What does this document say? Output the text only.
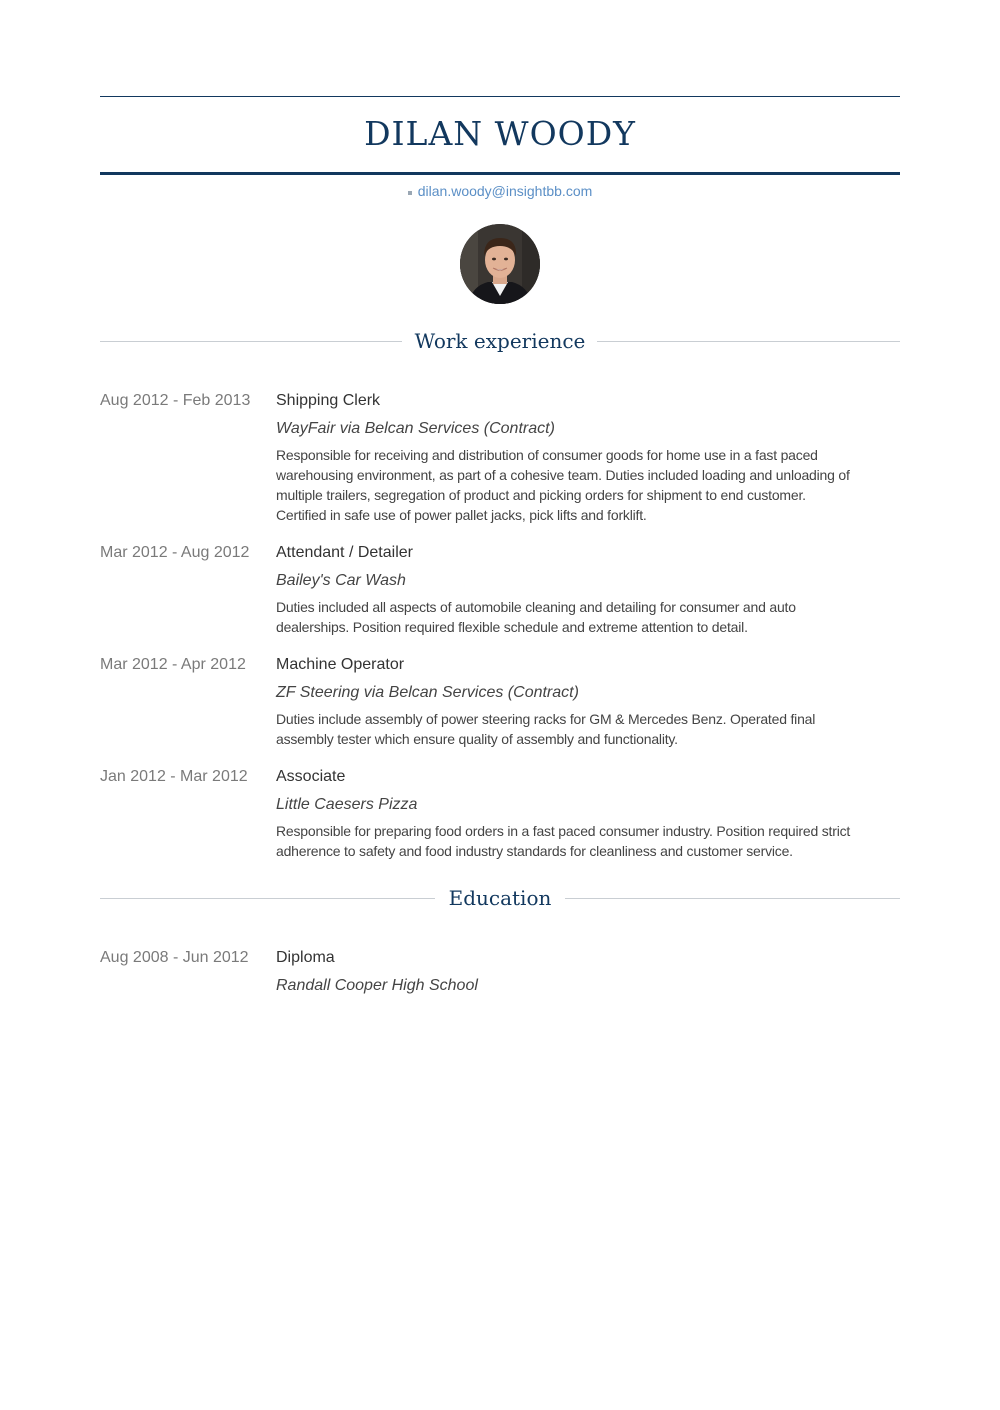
DILAN WOODY
dilan.woody@insightbb.com
Work experience
Aug 2012 - Feb 2013	Shipping Clerk

WayFair via Belcan Services (Contract)

Responsible for receiving and distribution of consumer goods for home use in a fast paced
warehousing environment, as part of a cohesive team. Duties included loading and unloading of
multiple trailers, segregation of product and picking orders for shipment to end customer.
Certified in safe use of power pallet jacks, pick lifts and forklift.

Mar 2012 - Aug 2012	Attendant / Detailer

Bailey's Car Wash

Duties included all aspects of automobile cleaning and detailing for consumer and auto
dealerships. Position required flexible schedule and extreme attention to detail.

Mar 2012 - Apr 2012	Machine Operator

ZF Steering via Belcan Services (Contract)

Duties include assembly of power steering racks for GM & Mercedes Benz. Operated final
assembly tester which ensure quality of assembly and functionality.

Jan 2012 - Mar 2012	Associate

Little Caesers Pizza

Responsible for preparing food orders in a fast paced consumer industry. Position required strict
adherence to safety and food industry standards for cleanliness and customer service.

Education
Aug 2008 - Jun 2012	Diploma

Randall Cooper High School
